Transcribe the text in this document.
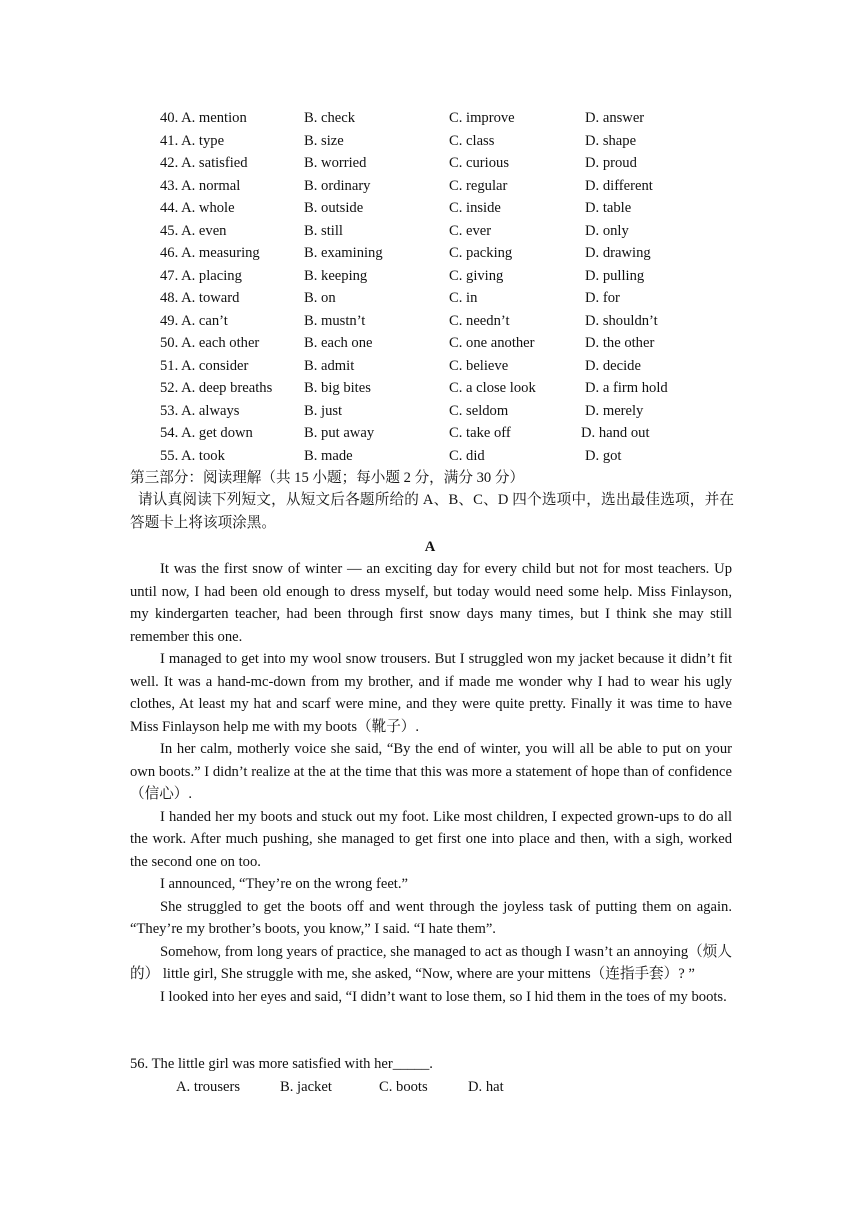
40. A. mention	B. check	C. improve	D. answer
41. A. type	B. size	C. class	D. shape
42. A. satisfied	B. worried	C. curious	D. proud
43. A. normal	B. ordinary	C. regular	D. different
44. A. whole	B. outside	C. inside	D. table
45. A. even	B. still	C. ever	D. only
46. A. measuring	B. examining	C. packing	D. drawing
47. A. placing	B. keeping	C. giving	D. pulling
48. A. toward	B. on	C. in	D. for
49. A. can’t	B. mustn’t	C. needn’t	D. shouldn’t
50. A. each other	B. each one	C. one another	D. the other
51. A. consider	B. admit	C. believe	D. decide
52. A. deep breaths B. big bites	C. a close look	D. a firm hold
53. A. always	B. just	C. seldom	D. merely
54. A. get down	B. put away	C. take off	D. hand out
55. A. took	B. made	C. did	D. got
第三部分：阅读理解（共 15 小题；每小题 2 分，满分 30 分）
请认真阅读下列短文，从短文后各题所给的 A、B、C、D 四个选项中，选出最佳选项，并在答题卡上将该项涂黑。
A

It was the first snow of winter — an exciting day for every child but not for most teachers. Up until now, I had been old enough to dress myself, but today would need some help. Miss Finlayson, my kindergarten teacher, had been through first snow days many times, but I think she may still remember this one.

I managed to get into my wool snow trousers. But I struggled won my jacket because it didn’t fit well. It was a hand-mc-down from my brother, and if made me wonder why I had to wear his ugly clothes, At least my hat and scarf were mine, and they were quite pretty. Finally it was time to have Miss Finlayson help me with my boots（靴子）.

In her calm, motherly voice she said, “By the end of winter, you will all be able to put on your own boots.” I didn’t realize at the at the time that this was more a statement of hope than of confidence（信心）.

I handed her my boots and stuck out my foot. Like most children, I expected grown-ups to do all the work. After much pushing, she managed to get first one into place and then, with a sigh, worked the second one on too.

I announced, “They’re on the wrong feet.”

She struggled to get the boots off and went through the joyless task of putting them on again. “They’re my brother’s boots, you know,” I said. “I hate them”.

Somehow, from long years of practice, she managed to act as though I wasn’t an annoying（烦人的） little girl, She struggle with me, she asked, “Now, where are your mittens（连指手套）? ”

I looked into her eyes and said, “I didn’t want to lose them, so I hid them in the toes of my boots.

56. The little girl was more satisfied with her_____.
A. trousers	B. jacket	C. boots	D. hat
